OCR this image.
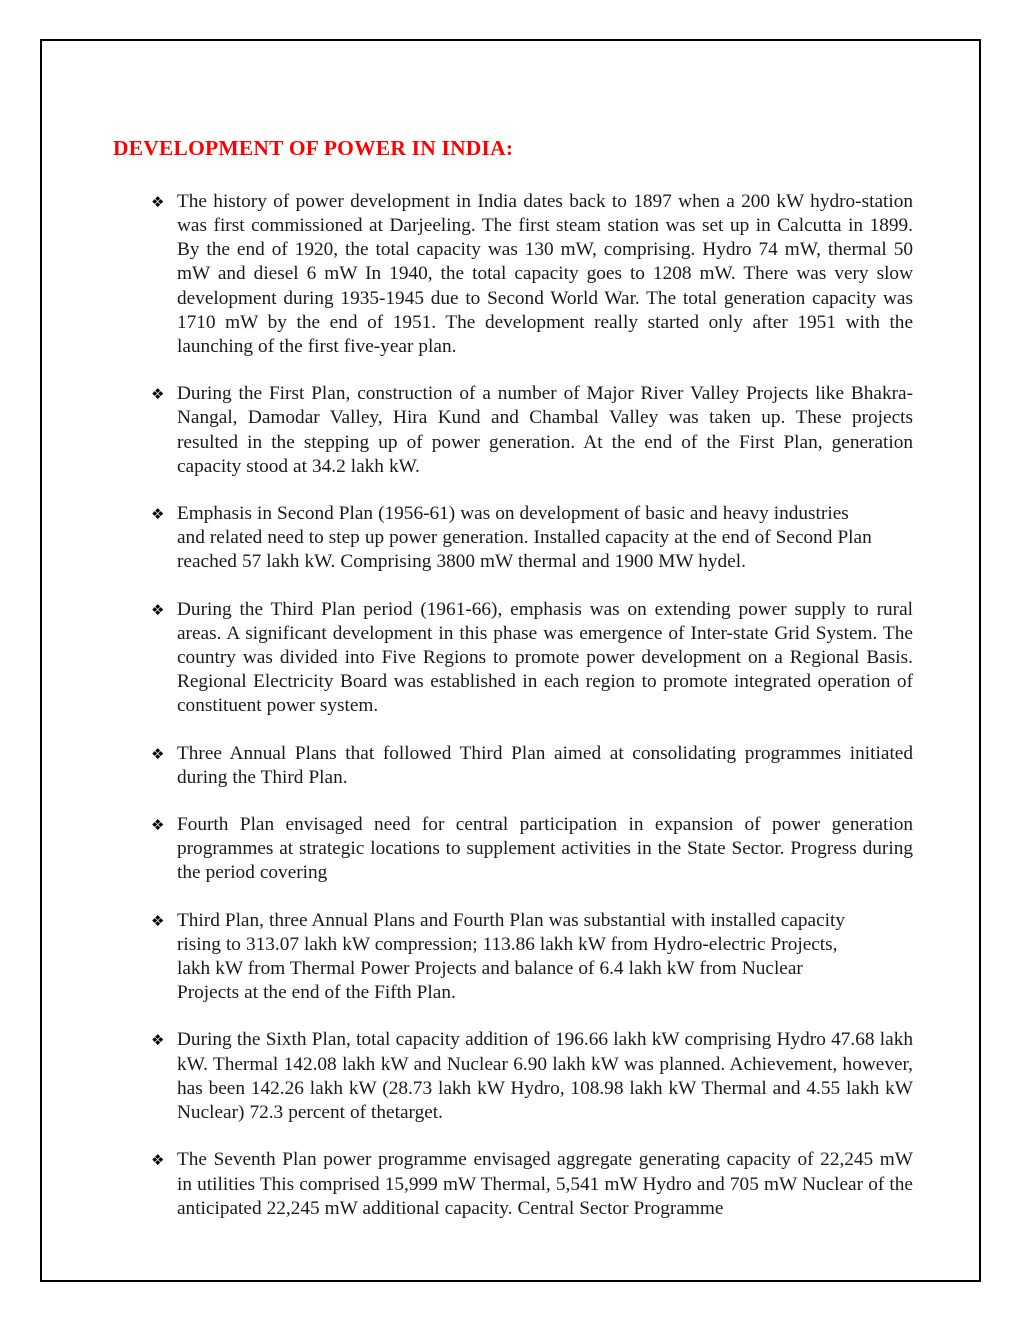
DEVELOPMENT OF POWER IN INDIA:
❖ The history of power development in India dates back to 1897 when a 200 kW hydro-station was first commissioned at Darjeeling. The first steam station was set up in Calcutta in 1899. By the end of 1920, the total capacity was 130 mW, comprising. Hydro 74 mW, thermal 50 mW and diesel 6 mW In 1940, the total capacity goes to 1208 mW. There was very slow development during 1935-1945 due to Second World War. The total generation capacity was 1710 mW by the end of 1951. The development really started only after 1951 with the launching of the first five-year plan.

❖ During the First Plan, construction of a number of Major River Valley Projects like Bhakra-Nangal, Damodar Valley, Hira Kund and Chambal Valley was taken up. These projects resulted in the stepping up of power generation. At the end of the First Plan, generation capacity stood at 34.2 lakh kW.

❖ Emphasis in Second Plan (1956-61) was on development of basic and heavy industries
and related need to step up power generation. Installed capacity at the end of Second Plan
reached 57 lakh kW. Comprising 3800 mW thermal and 1900 MW hydel.

❖ During the Third Plan period (1961-66), emphasis was on extending power supply to rural areas. A significant development in this phase was emergence of Inter-state Grid System. The country was divided into Five Regions to promote power development on a Regional Basis. Regional Electricity Board was established in each region to promote integrated operation of constituent power system.

❖ Three Annual Plans that followed Third Plan aimed at consolidating programmes initiated during the Third Plan.

❖ Fourth Plan envisaged need for central participation in expansion of power generation programmes at strategic locations to supplement activities in the State Sector. Progress during the period covering

❖ Third Plan, three Annual Plans and Fourth Plan was substantial with installed capacity
rising to 313.07 lakh kW compression; 113.86 lakh kW from Hydro-electric Projects,
lakh kW from Thermal Power Projects and balance of 6.4 lakh kW from Nuclear
Projects at the end of the Fifth Plan.

❖ During the Sixth Plan, total capacity addition of 196.66 lakh kW comprising Hydro 47.68 lakh kW. Thermal 142.08 lakh kW and Nuclear 6.90 lakh kW was planned. Achievement, however, has been 142.26 lakh kW (28.73 lakh kW Hydro, 108.98 lakh kW Thermal and 4.55 lakh kW Nuclear) 72.3 percent of thetarget.

❖ The Seventh Plan power programme envisaged aggregate generating capacity of 22,245 mW in utilities This comprised 15,999 mW Thermal, 5,541 mW Hydro and 705 mW Nuclear of the anticipated 22,245 mW additional capacity. Central Sector Programme
